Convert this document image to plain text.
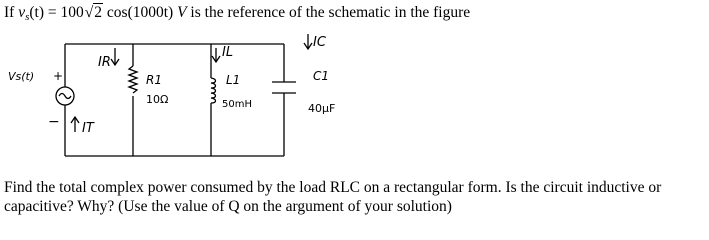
If $v_s(t) = 100√2$ cos(1000t) V is the reference of the schematic in the figure
Vs(t) +
− IT
IR
IL
IC
R1
10Ω
L1
50mH
C1
40μF
Find the total complex power consumed by the load RLC on a rectangular form. Is the circuit inductive or capacitive? Why? (Use the value of Q on the argument of your solution)
